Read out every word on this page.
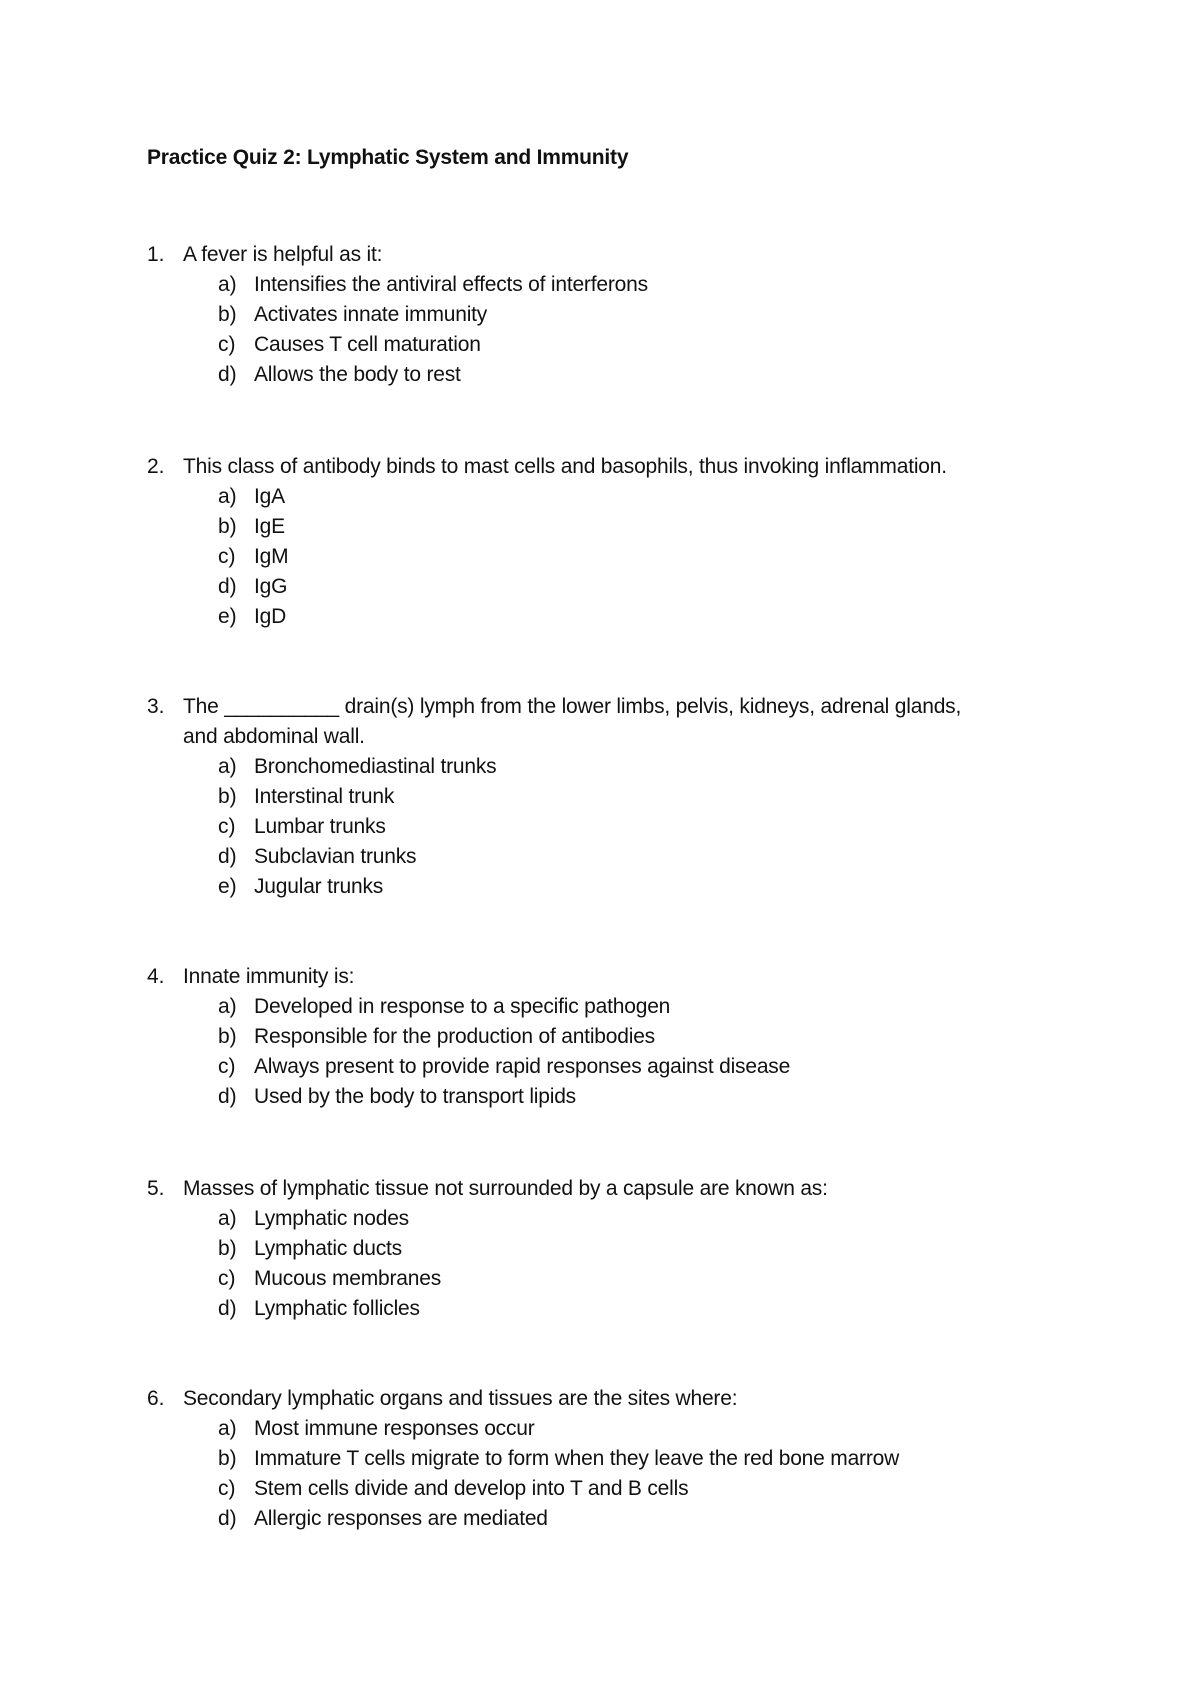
Practice Quiz 2: Lymphatic System and Immunity
1. A fever is helpful as it:
a) Intensifies the antiviral effects of interferons
b) Activates innate immunity
c) Causes T cell maturation
d) Allows the body to rest
2. This class of antibody binds to mast cells and basophils, thus invoking inflammation.
a) IgA
b) IgE
c) IgM
d) IgG
e) IgD
3. The __________ drain(s) lymph from the lower limbs, pelvis, kidneys, adrenal glands,
and abdominal wall.
a) Bronchomediastinal trunks
b) Interstinal trunk
c) Lumbar trunks
d) Subclavian trunks
e) Jugular trunks
4. Innate immunity is:
a) Developed in response to a specific pathogen
b) Responsible for the production of antibodies
c) Always present to provide rapid responses against disease
d) Used by the body to transport lipids
5. Masses of lymphatic tissue not surrounded by a capsule are known as:
a) Lymphatic nodes
b) Lymphatic ducts
c) Mucous membranes
d) Lymphatic follicles
6. Secondary lymphatic organs and tissues are the sites where:
a) Most immune responses occur
b) Immature T cells migrate to form when they leave the red bone marrow
c) Stem cells divide and develop into T and B cells
d) Allergic responses are mediated
